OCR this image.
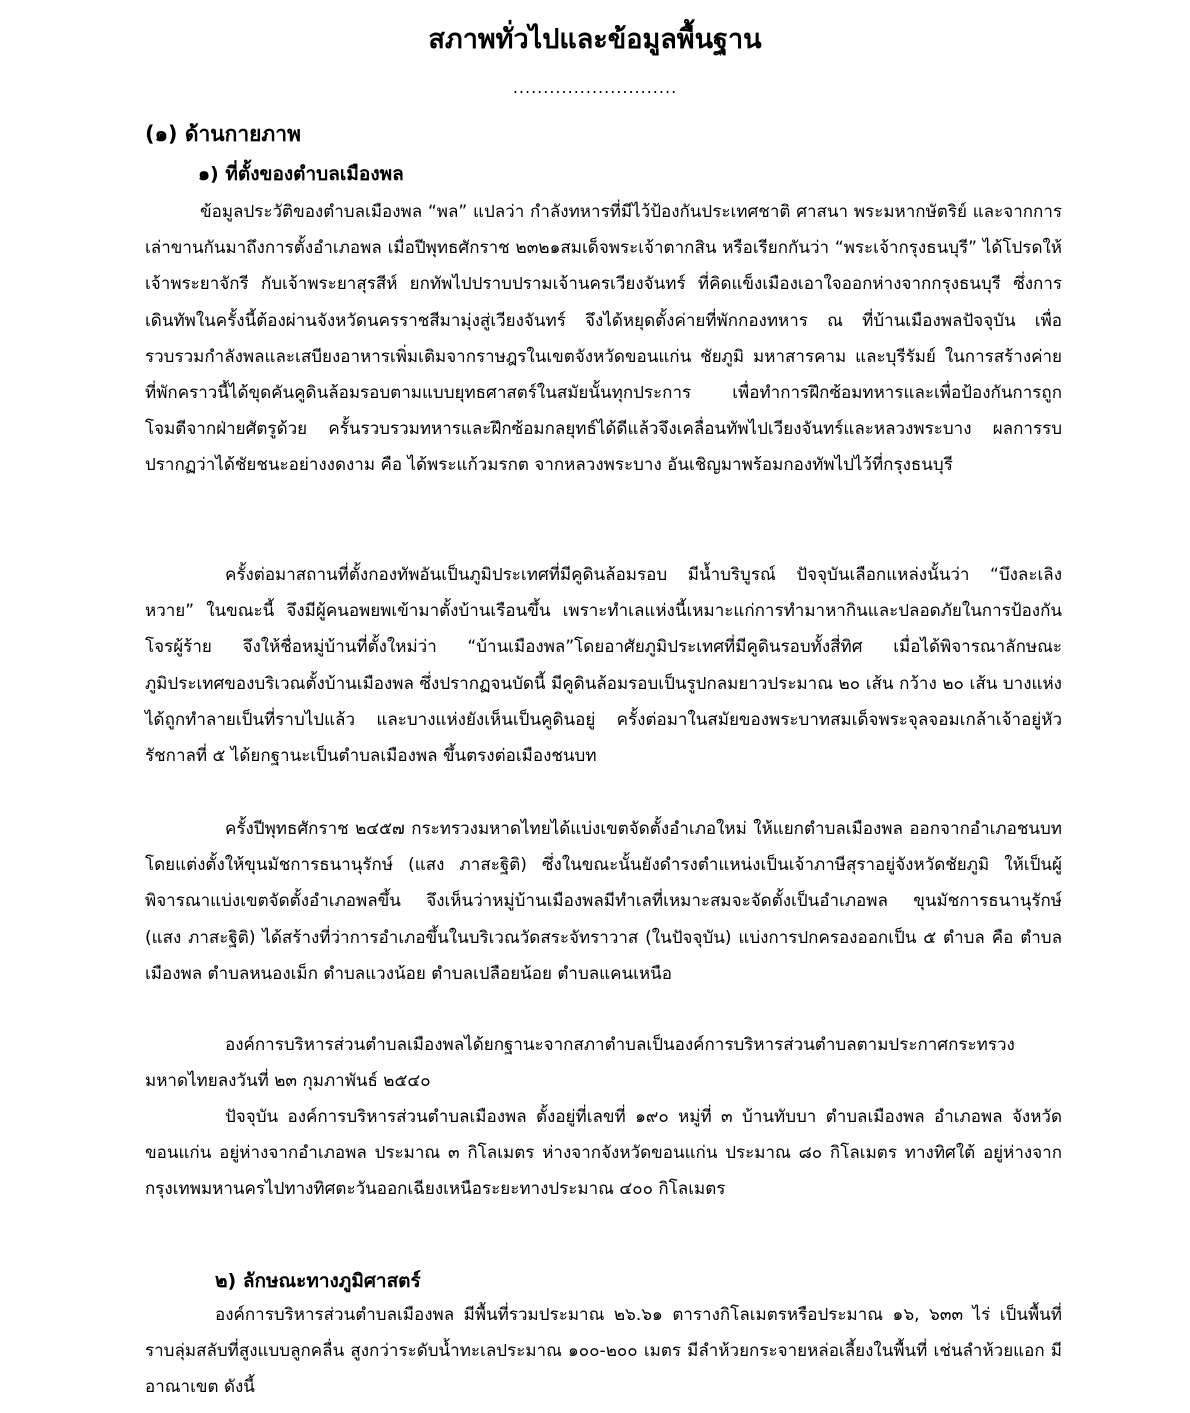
สภาพทั่วไปและข้อมูลพื้นฐาน
...........................
(๑) ด้านกายภาพ
๑) ที่ตั้งของตำบลเมืองพล

ข้อมูลประวัติของตำบลเมืองพล “พล” แปลว่า กำลังทหารที่มีไว้ป้องกันประเทศชาติ ศาสนา พระมหากษัตริย์ และจากการเล่าขานกันมาถึงการตั้งอำเภอพล เมื่อปีพุทธศักราช ๒๓๒๑สมเด็จพระเจ้าตากสิน หรือเรียกกันว่า “พระเจ้ากรุงธนบุรี” ได้โปรดให้ เจ้าพระยาจักรี กับเจ้าพระยาสุรสีห์ ยกทัพไปปราบปรามเจ้านครเวียงจันทร์ ที่คิดแข็งเมืองเอาใจออกห่างจากกรุงธนบุรี ซึ่งการเดินทัพในครั้งนี้ต้องผ่านจังหวัดนครราชสีมามุ่งสู่เวียงจันทร์ จึงได้หยุดตั้งค่ายที่พักกองทหาร ณ ที่บ้านเมืองพลปัจจุบัน เพื่อรวบรวมกำลังพลและเสบียงอาหารเพิ่มเติมจากราษฎรในเขตจังหวัดขอนแก่น ชัยภูมิ มหาสารคาม และบุรีรัมย์ ในการสร้างค่ายที่พักคราวนี้ได้ขุดคันคูดินล้อมรอบตามแบบยุทธศาสตร์ในสมัยนั้นทุกประการ เพื่อทำการฝึกซ้อมทหารและเพื่อป้องกันการถูกโจมตีจากฝ่ายศัตรูด้วย ครั้นรวบรวมทหารและฝึกซ้อมกลยุทธ์ได้ดีแล้วจึงเคลื่อนทัพไปเวียงจันทร์และหลวงพระบาง ผลการรบปรากฏว่าได้ชัยชนะอย่างงดงาม คือ ได้พระแก้วมรกต จากหลวงพระบาง อันเชิญมาพร้อมกองทัพไปไว้ที่กรุงธนบุรี

ครั้งต่อมาสถานที่ตั้งกองทัพอันเป็นภูมิประเทศที่มีคูดินล้อมรอบ มีน้ำบริบูรณ์ ปัจจุบันเลือกแหล่งนั้นว่า “บึงละเลิงหวาย” ในขณะนี้ จึงมีผู้คนอพยพเข้ามาตั้งบ้านเรือนขึ้น เพราะทำเลแห่งนี้เหมาะแก่การทำมาหากินและปลอดภัยในการป้องกันโจรผู้ร้าย จึงให้ชื่อหมู่บ้านที่ตั้งใหม่ว่า “บ้านเมืองพล”โดยอาศัยภูมิประเทศที่มีคูดินรอบทั้งสี่ทิศ เมื่อได้พิจารณาลักษณะภูมิประเทศของบริเวณตั้งบ้านเมืองพล ซึ่งปรากฏจนบัดนี้ มีคูดินล้อมรอบเป็นรูปกลมยาวประมาณ ๒๐ เส้น กว้าง ๒๐ เส้น บางแห่งได้ถูกทำลายเป็นที่ราบไปแล้ว และบางแห่งยังเห็นเป็นคูดินอยู่ ครั้งต่อมาในสมัยของพระบาทสมเด็จพระจุลจอมเกล้าเจ้าอยู่หัวรัชกาลที่ ๕ ได้ยกฐานะเป็นตำบลเมืองพล ขึ้นตรงต่อเมืองชนบท

ครั้งปีพุทธศักราช ๒๔๕๗ กระทรวงมหาดไทยได้แบ่งเขตจัดตั้งอำเภอใหม่ ให้แยกตำบลเมืองพล ออกจากอำเภอชนบท โดยแต่งตั้งให้ขุนมัชการธนานุรักษ์ (แสง ภาสะฐิติ) ซึ่งในขณะนั้นยังดำรงตำแหน่งเป็นเจ้าภาษีสุราอยู่จังหวัดชัยภูมิ ให้เป็นผู้พิจารณาแบ่งเขตจัดตั้งอำเภอพลขึ้น จึงเห็นว่าหมู่บ้านเมืองพลมีทำเลที่เหมาะสมจะจัดตั้งเป็นอำเภอพล ขุนมัชการธนานุรักษ์ (แสง ภาสะฐิติ) ได้สร้างที่ว่าการอำเภอขึ้นในบริเวณวัดสระจัทราวาส (ในปัจจุบัน) แบ่งการปกครองออกเป็น ๕ ตำบล คือ ตำบลเมืองพล ตำบลหนองเม็ก ตำบลแวงน้อย ตำบลเปลือยน้อย ตำบลแคนเหนือ

องค์การบริหารส่วนตำบลเมืองพลได้ยกฐานะจากสภาตำบลเป็นองค์การบริหารส่วนตำบลตามประกาศกระทรวงมหาดไทยลงวันที่ ๒๓ กุมภาพันธ์ ๒๕๔๐

ปัจจุบัน องค์การบริหารส่วนตำบลเมืองพล ตั้งอยู่ที่เลขที่ ๑๙๐ หมู่ที่ ๓ บ้านทับบา ตำบลเมืองพล อำเภอพล จังหวัดขอนแก่น อยู่ห่างจากอำเภอพล ประมาณ ๓ กิโลเมตร ห่างจากจังหวัดขอนแก่น ประมาณ ๘๐ กิโลเมตร ทางทิศใต้ อยู่ห่างจากกรุงเทพมหานครไปทางทิศตะวันออกเฉียงเหนือระยะทางประมาณ ๔๐๐ กิโลเมตร

๒) ลักษณะทางภูมิศาสตร์

องค์การบริหารส่วนตำบลเมืองพล มีพื้นที่รวมประมาณ ๒๖.๖๑ ตารางกิโลเมตรหรือประมาณ ๑๖, ๖๓๓ ไร่ เป็นพื้นที่ราบลุ่มสลับที่สูงแบบลูกคลื่น สูงกว่าระดับน้ำทะเลประมาณ ๑๐๐-๒๐๐ เมตร มีลำห้วยกระจายหล่อเลี้ยงในพื้นที่ เช่นลำห้วยแอก มีอาณาเขต ดังนี้
